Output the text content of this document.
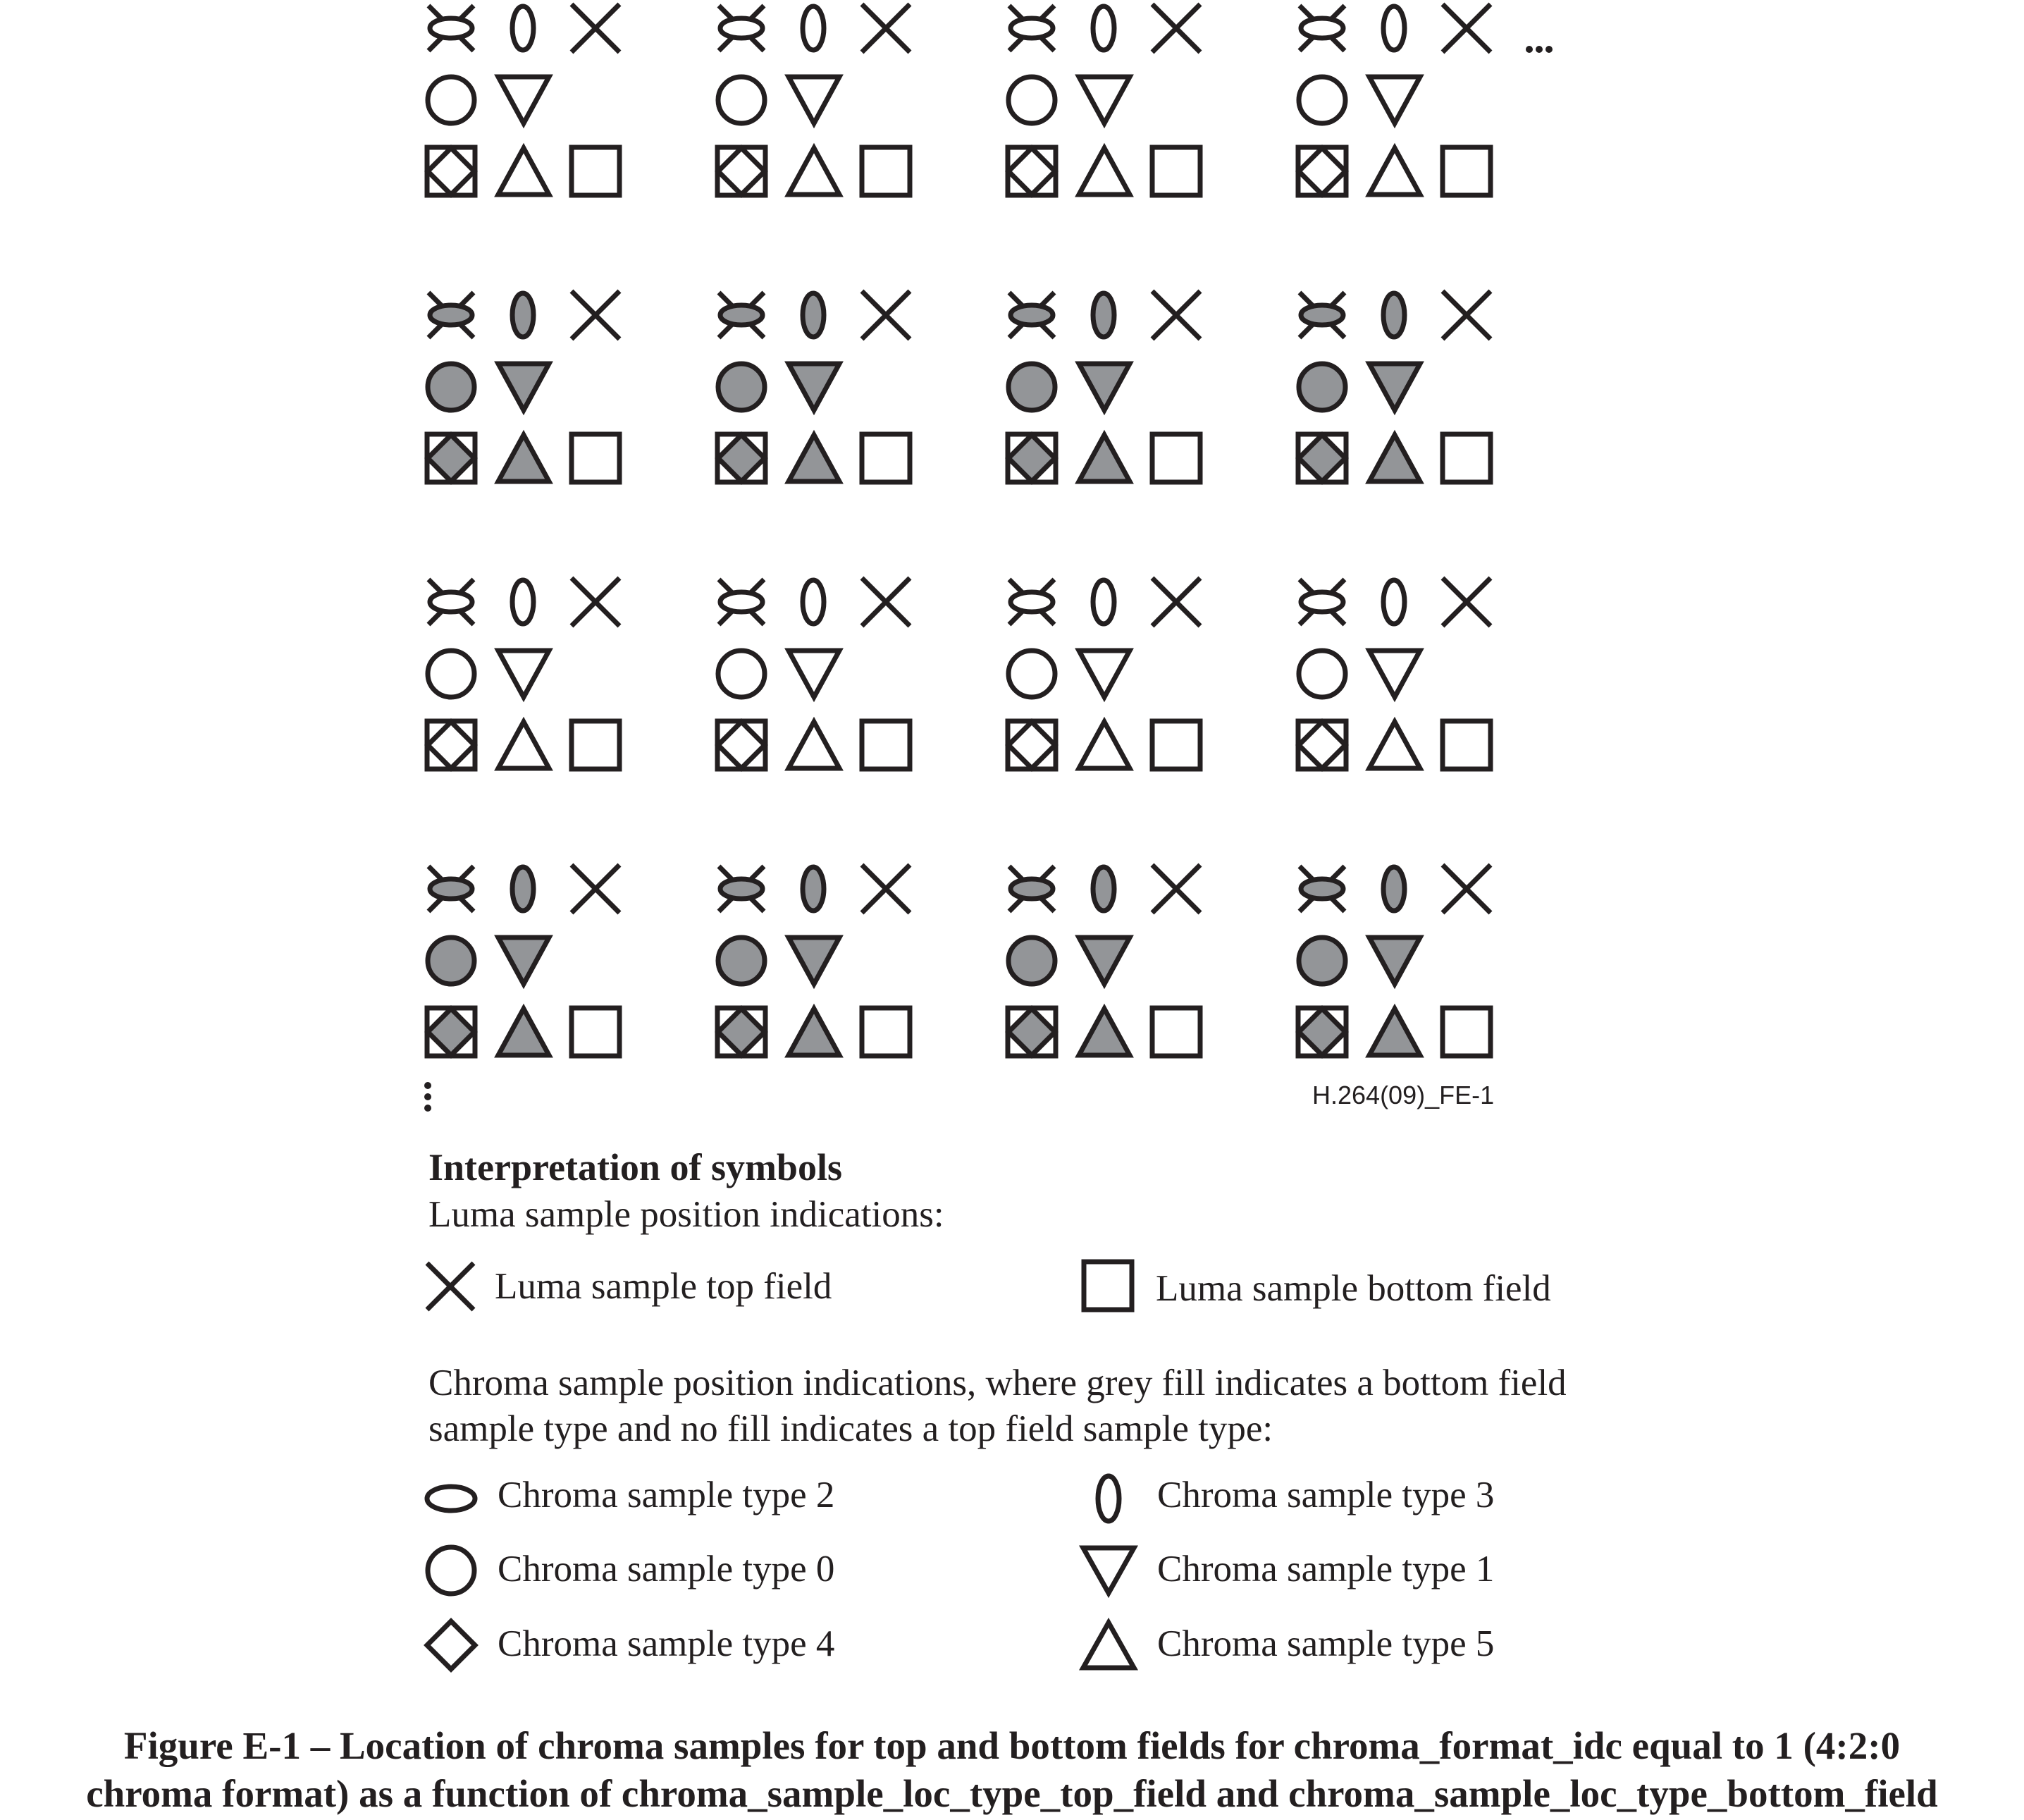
H.264(09)_FE-1
Interpretation of symbols
Luma sample position indications:
Luma sample top field	Luma sample bottom field
Chroma sample position indications, where grey fill indicates a bottom field
sample type and no fill indicates a top field sample type:
Chroma sample type 2	Chroma sample type 3
Chroma sample type 0	Chroma sample type 1
Chroma sample type 4	Chroma sample type 5
Figure E-1 – Location of chroma samples for top and bottom fields for chroma_format_idc equal to 1 (4:2:0
chroma format) as a function of chroma_sample_loc_type_top_field and chroma_sample_loc_type_bottom_field
